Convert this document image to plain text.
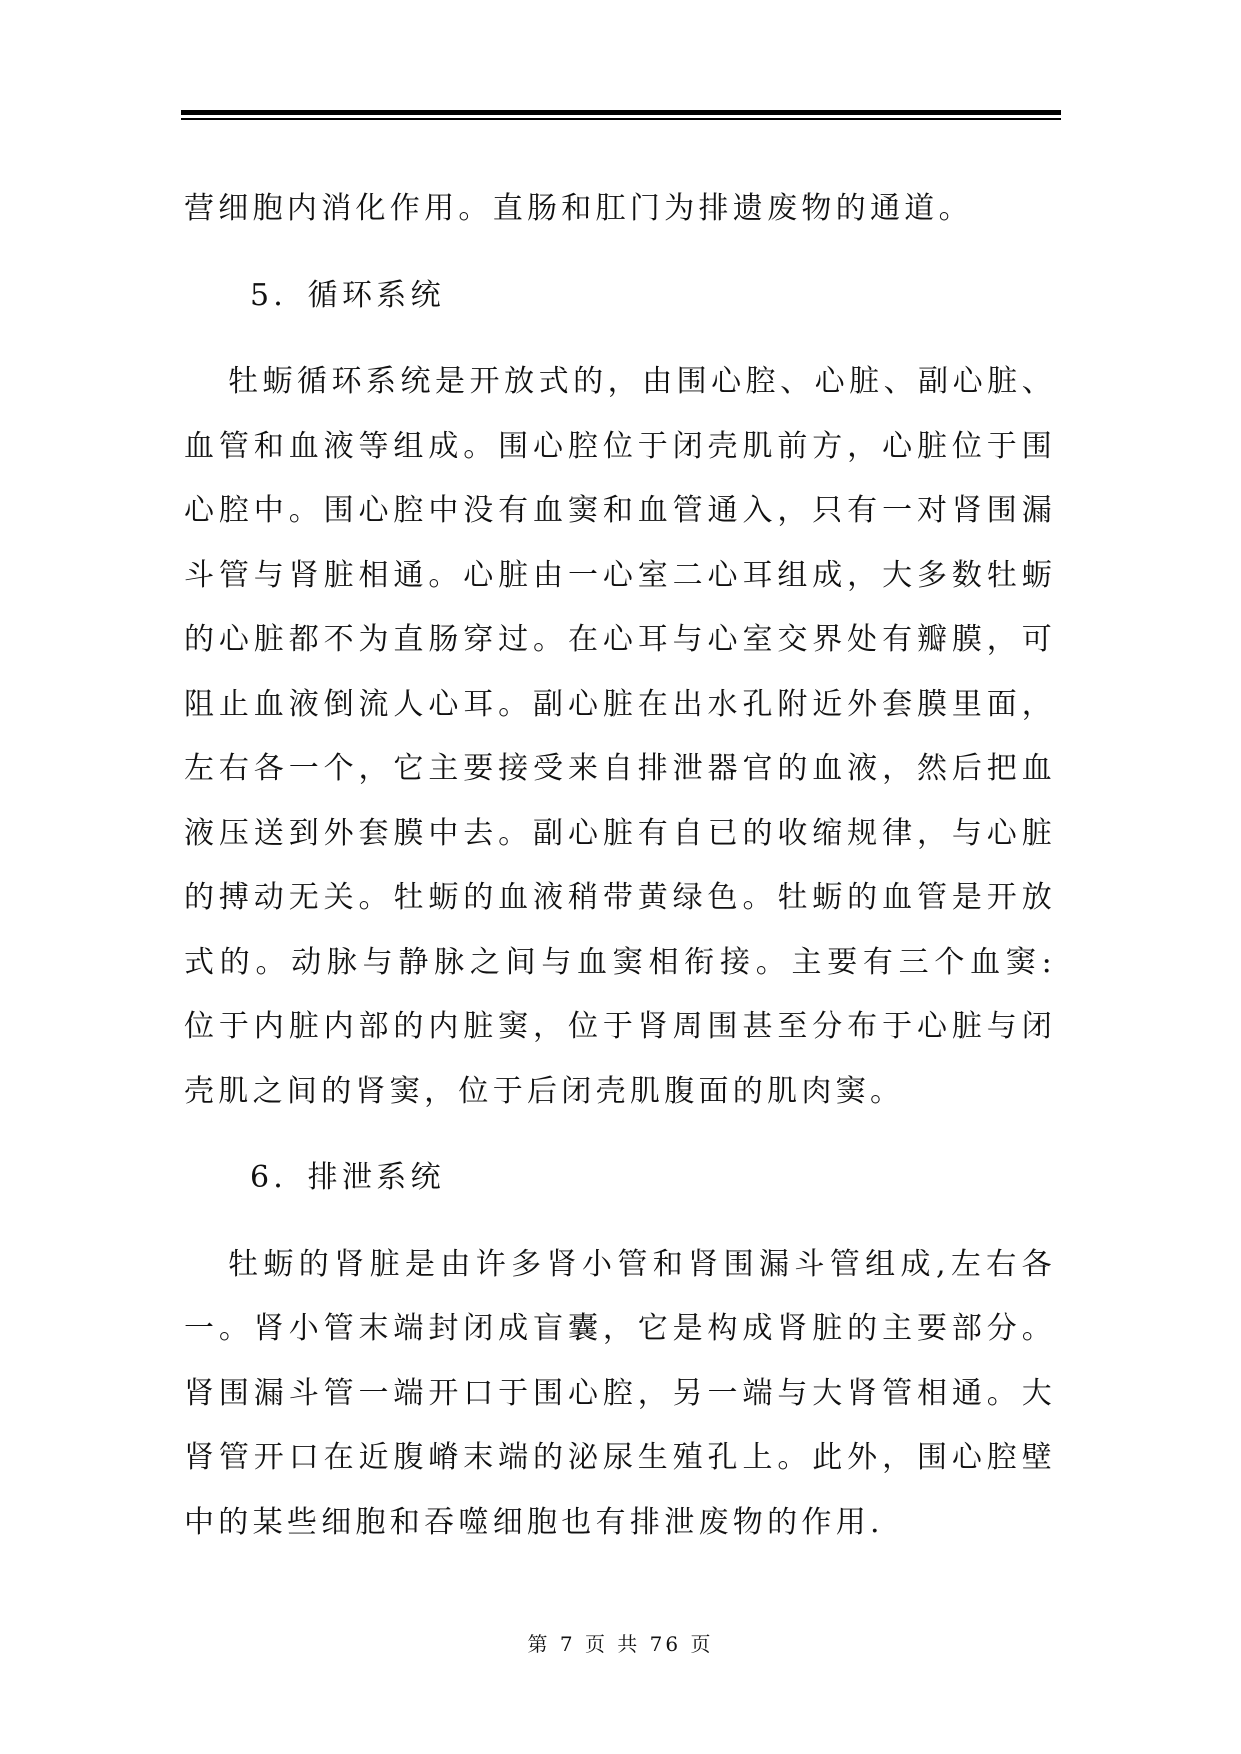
营细胞内消化作用。直肠和肛门为排遗废物的通道。

5．循环系统

牡蛎循环系统是开放式的，由围心腔、心脏、副心脏、血管和血液等组成。围心腔位于闭壳肌前方，心脏位于围心腔中。围心腔中没有血窦和血管通入，只有一对肾围漏斗管与肾脏相通。心脏由一心室二心耳组成，大多数牡蛎的心脏都不为直肠穿过。在心耳与心室交界处有瓣膜，可阻止血液倒流人心耳。副心脏在出水孔附近外套膜里面，左右各一个，它主要接受来自排泄器官的血液，然后把血液压送到外套膜中去。副心脏有自已的收缩规律，与心脏的搏动无关。牡蛎的血液稍带黄绿色。牡蛎的血管是开放式的。动脉与静脉之间与血窦相衔接。主要有三个血窦: 位于内脏内部的内脏窦，位于肾周围甚至分布于心脏与闭壳肌之间的肾窦，位于后闭壳肌腹面的肌肉窦。

6．排泄系统

牡蛎的肾脏是由许多肾小管和肾围漏斗管组成,左右各一。肾小管末端封闭成盲囊，它是构成肾脏的主要部分。肾围漏斗管一端开口于围心腔，另一端与大肾管相通。大肾管开口在近腹嵴末端的泌尿生殖孔上。此外，围心腔壁中的某些细胞和吞噬细胞也有排泄废物的作用.

第 7 页 共 76 页
